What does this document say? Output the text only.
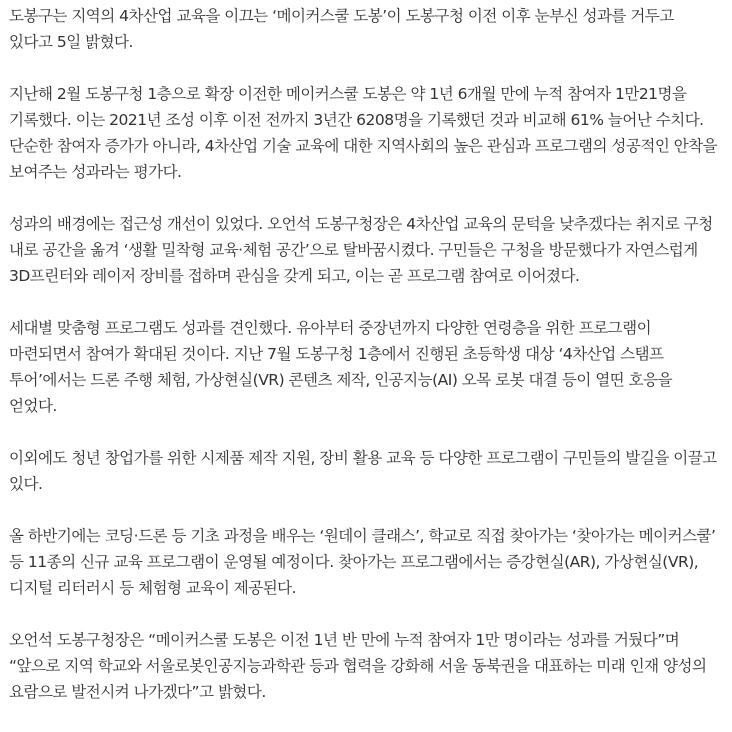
도봉구는 지역의 4차산업 교육을 이끄는 ‘메이커스쿨 도봉’이 도봉구청 이전 이후 눈부신 성과를 거두고 있다고 5일 밝혔다.

지난해 2월 도봉구청 1층으로 확장 이전한 메이커스쿨 도봉은 약 1년 6개월 만에 누적 참여자 1만21명을 기록했다. 이는 2021년 조성 이후 이전 전까지 3년간 6208명을 기록했던 것과 비교해 61% 늘어난 수치다. 단순한 참여자 증가가 아니라, 4차산업 기술 교육에 대한 지역사회의 높은 관심과 프로그램의 성공적인 안착을 보여주는 성과라는 평가다.

성과의 배경에는 접근성 개선이 있었다. 오언석 도봉구청장은 4차산업 교육의 문턱을 낮추겠다는 취지로 구청 내로 공간을 옮겨 ‘생활 밀착형 교육·체험 공간’으로 탈바꿈시켰다. 구민들은 구청을 방문했다가 자연스럽게 3D프린터와 레이저 장비를 접하며 관심을 갖게 되고, 이는 곧 프로그램 참여로 이어졌다.

세대별 맞춤형 프로그램도 성과를 견인했다. 유아부터 중장년까지 다양한 연령층을 위한 프로그램이 마련되면서 참여가 확대된 것이다. 지난 7월 도봉구청 1층에서 진행된 초등학생 대상 ‘4차산업 스탬프 투어’에서는 드론 주행 체험, 가상현실(VR) 콘텐츠 제작, 인공지능(AI) 오목 로봇 대결 등이 열띤 호응을 얻었다.

이외에도 청년 창업가를 위한 시제품 제작 지원, 장비 활용 교육 등 다양한 프로그램이 구민들의 발길을 이끌고 있다.

올 하반기에는 코딩·드론 등 기초 과정을 배우는 ‘원데이 클래스’, 학교로 직접 찾아가는 ‘찾아가는 메이커스쿨’ 등 11종의 신규 교육 프로그램이 운영될 예정이다. 찾아가는 프로그램에서는 증강현실(AR), 가상현실(VR), 디지털 리터러시 등 체험형 교육이 제공된다.

오언석 도봉구청장은 “메이커스쿨 도봉은 이전 1년 반 만에 누적 참여자 1만 명이라는 성과를 거뒀다”며 “앞으로 지역 학교와 서울로봇인공지능과학관 등과 협력을 강화해 서울 동북권을 대표하는 미래 인재 양성의 요람으로 발전시켜 나가겠다”고 밝혔다.
